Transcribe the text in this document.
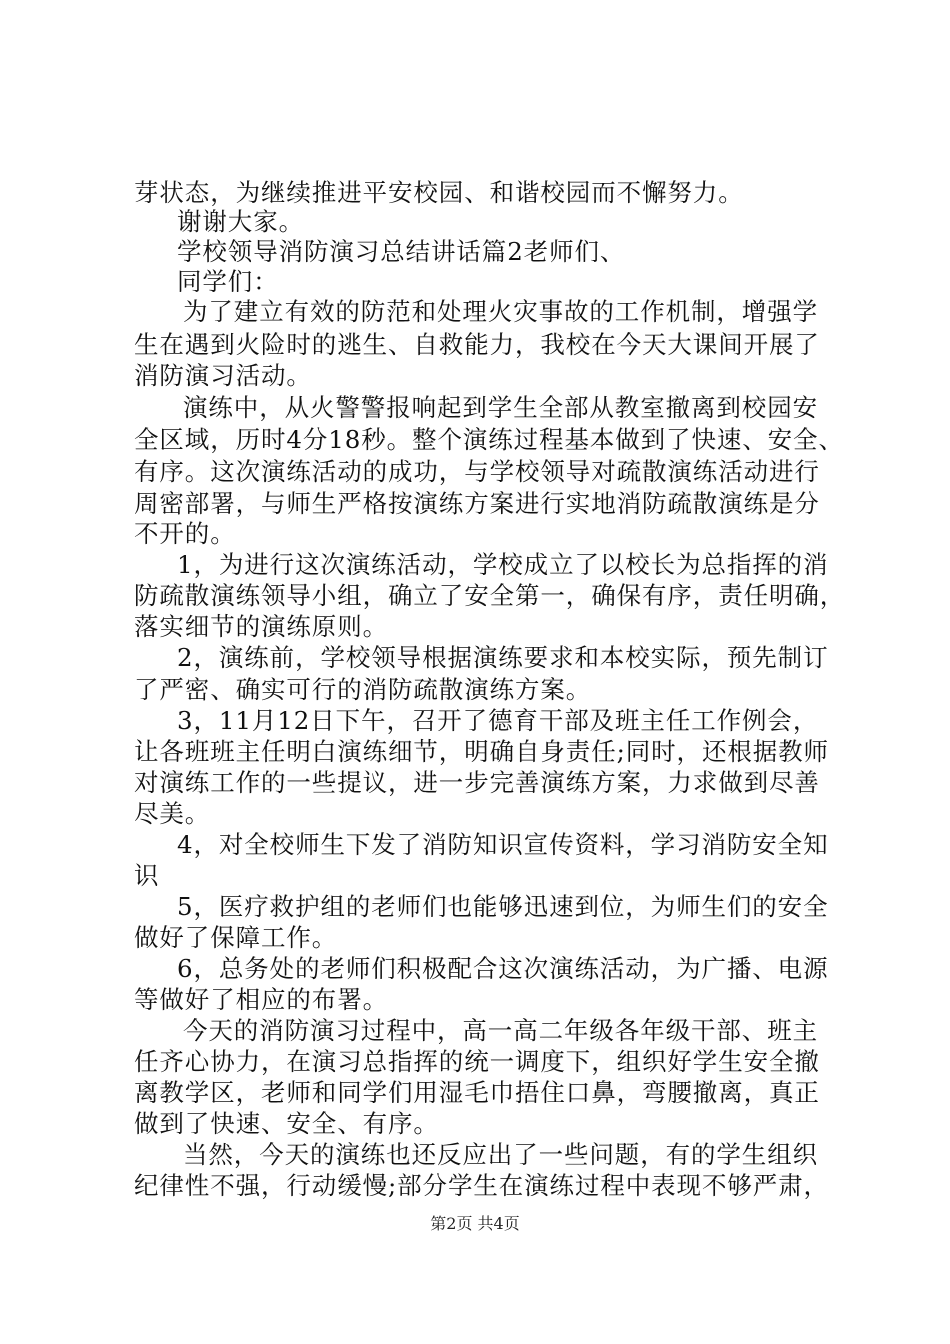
芽状态，为继续推进平安校园、和谐校园而不懈努力。
谢谢大家。
学校领导消防演习总结讲话篇2老师们、
同学们：
为了建立有效的防范和处理火灾事故的工作机制，增强学
生在遇到火险时的逃生、自救能力，我校在今天大课间开展了
消防演习活动。
演练中，从火警警报响起到学生全部从教室撤离到校园安
全区域，历时4分18秒。整个演练过程基本做到了快速、安全、
有序。这次演练活动的成功，与学校领导对疏散演练活动进行
周密部署，与师生严格按演练方案进行实地消防疏散演练是分
不开的。
1，为进行这次演练活动，学校成立了以校长为总指挥的消
防疏散演练领导小组，确立了安全第一，确保有序，责任明确，
落实细节的演练原则。
2，演练前，学校领导根据演练要求和本校实际，预先制订
了严密、确实可行的消防疏散演练方案。
3，11月12日下午，召开了德育干部及班主任工作例会，
让各班班主任明白演练细节，明确自身责任;同时，还根据教师
对演练工作的一些提议，进一步完善演练方案，力求做到尽善
尽美。
4，对全校师生下发了消防知识宣传资料，学习消防安全知
识
5，医疗救护组的老师们也能够迅速到位，为师生们的安全
做好了保障工作。
6，总务处的老师们积极配合这次演练活动，为广播、电源
等做好了相应的布署。
今天的消防演习过程中，高一高二年级各年级干部、班主
任齐心协力，在演习总指挥的统一调度下，组织好学生安全撤
离教学区，老师和同学们用湿毛巾捂住口鼻，弯腰撤离，真正
做到了快速、安全、有序。
当然，今天的演练也还反应出了一些问题，有的学生组织
纪律性不强，行动缓慢;部分学生在演练过程中表现不够严肃，
第2页 共4页
